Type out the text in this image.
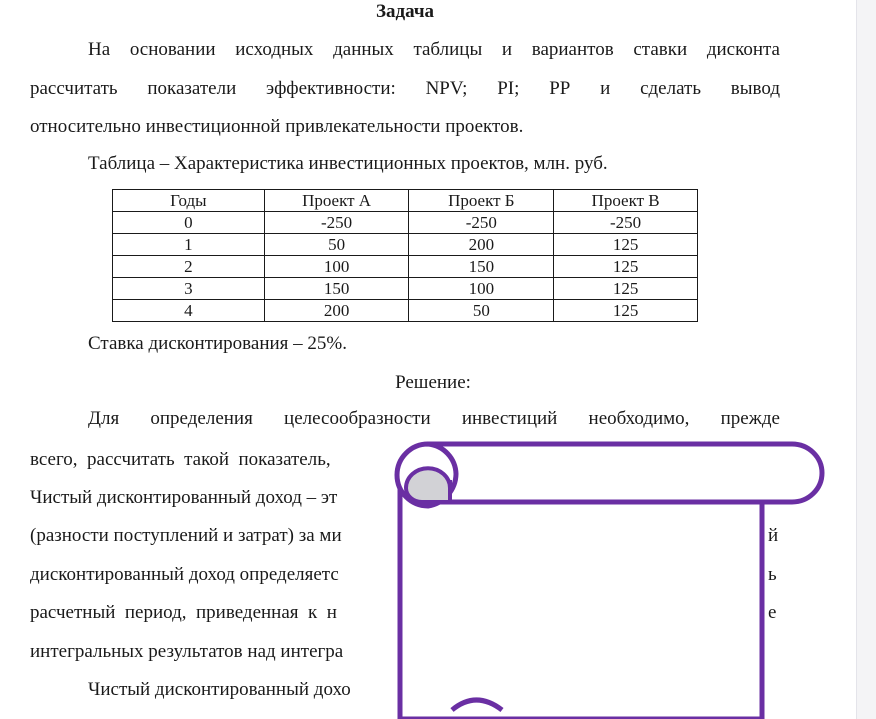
Задача
На основании исходных данных таблицы и вариантов ставки дисконта
рассчитать показатели эффективности: NPV; PI; PP и сделать вывод
относительно инвестиционной привлекательности проектов.
Таблица – Характеристика инвестиционных проектов, млн. руб.
Годы	Проект А	Проект Б	Проект В
0	-250	-250	-250
1	50	200	125
2	100	150	125
3	150	100	125
4	200	50	125
Ставка дисконтирования – 25%.
Решение:
Для определения целесообразности инвестиций необходимо, прежде
всего,  рассчитать  такой  показатель,
Чистый дисконтированный доход – эт
(разности поступлений и затрат) за ми	й
дисконтированный доход определяетс	ь
расчетный  период,  приведенная  к  н	е
интегральных результатов над интегра
Чистый дисконтированный дохо
